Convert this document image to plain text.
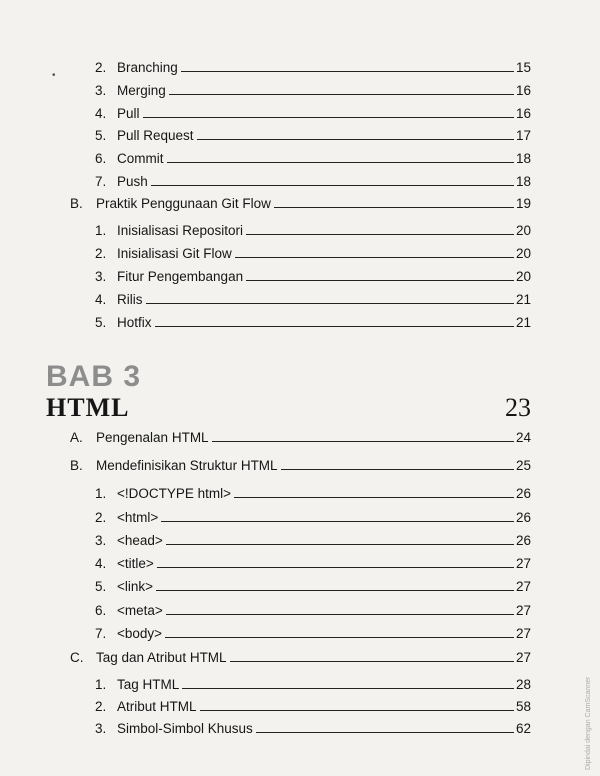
•
2. Branching	15
3. Merging	16
4. Pull	16
5. Pull Request	17
6. Commit	18
7. Push	18
B. Praktik Penggunaan Git Flow	19
1. Inisialisasi Repositori	20
2. Inisialisasi Git Flow	20
3. Fitur Pengembangan	20
4. Rilis	21
5. Hotfix	21
BAB 3
HTML	23
A. Pengenalan HTML	24
B. Mendefinisikan Struktur HTML	25
1. <!DOCTYPE html>	26
2. <html>	26
3. <head>	26
4. <title>	27
5. <link>	27
6. <meta>	27
7. <body>	27
C. Tag dan Atribut HTML	27
1. Tag HTML	28
2. Atribut HTML	58
3. Simbol-Simbol Khusus	62	Dipindai dengan CamScanner
